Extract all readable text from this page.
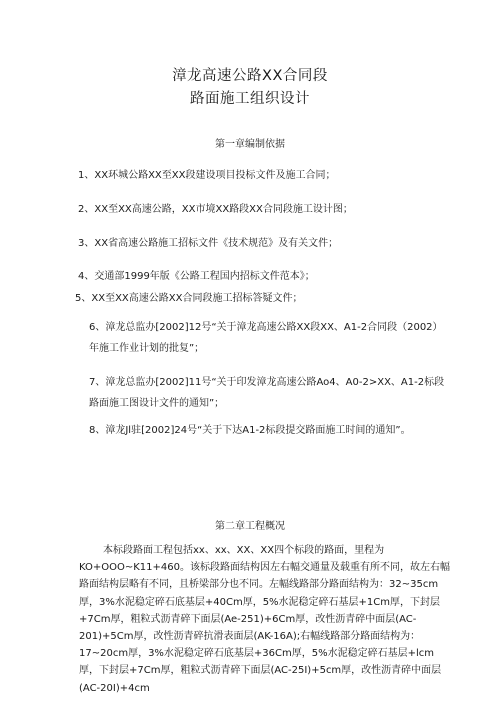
漳龙高速公路XX合同段
路面施工组织设计
第一章编制依据
1、XX环城公路XX至XX段建设项目投标文件及施工合同；
2、XX至XX高速公路，XX市境XX路段XX合同段施工设计图；
3、XX省高速公路施工招标文件《技术规范》及有关文件；
4、交通部1999年版《公路工程国内招标文件范本》；
5、XX至XX高速公路XX合同段施工招标答疑文件；
6、漳龙总监办[2002]12号“关于漳龙高速公路XX段XX、A1-2合同段（2002）年施工作业计划的批复”；
7、漳龙总监办[2002]11号“关于印发漳龙高速公路Ao4、A0-2>XX、A1-2标段路面施工图设计文件的通知”；
8、漳龙Jl驻[2002]24号“关于下达A1-2标段提交路面施工时间的通知”。
第二章工程概况
本标段路面工程包括xx、xx、XX、XX四个标段的路面，里程为KO+OOO~K11+460。该标段路面结构因左右幅交通量及载重有所不同，故左右幅路面结构层略有不同，且桥梁部分也不同。左幅线路部分路面结构为：32~35cm厚，3%水泥稳定碎石底基层+40Cm厚，5%水泥稳定碎石基层+1Cm厚，下封层+7Cm厚，粗粒式沥青碎下面层(Ae-251)+6Cm厚，改性沥青碎中面层(AC-201)+5Cm厚，改性沥青碎抗滑表面层(AK-16A);右幅线路部分路面结构为：17~20cm厚，3%水泥稳定碎石底基层+36Cm厚，5%水泥稳定碎石基层+lcm厚，下封层+7Cm厚，粗粒式沥青碎下面层(AC-25I)+5cm厚，改性沥青碎中面层(AC-20I)+4cm
